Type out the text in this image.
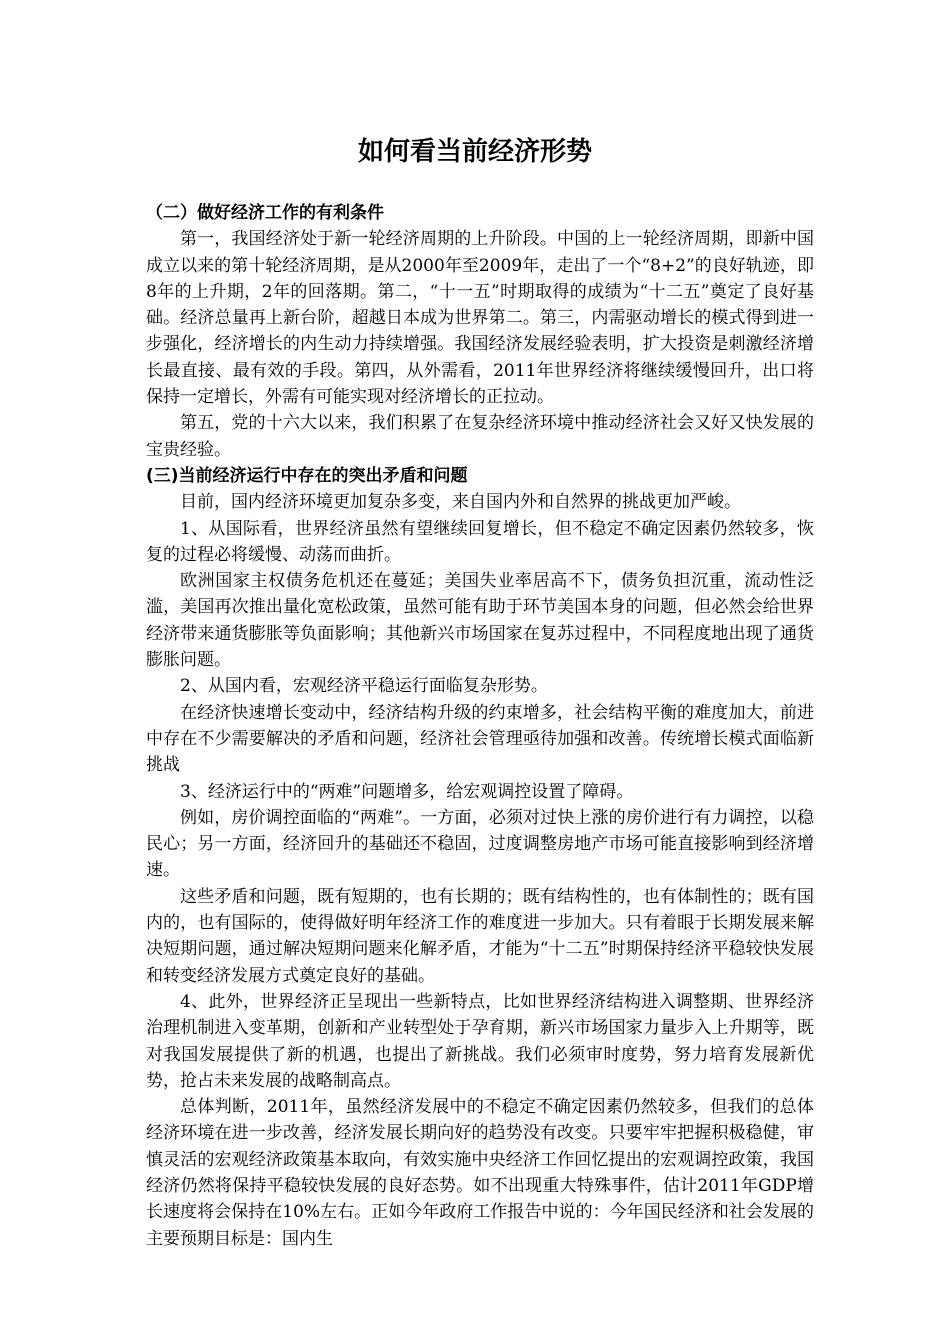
如何看当前经济形势

（二）做好经济工作的有利条件

第一，我国经济处于新一轮经济周期的上升阶段。中国的上一轮经济周期，即新中国成立以来的第十轮经济周期，是从2000年至2009年，走出了一个“8+2”的良好轨迹，即8年的上升期，2年的回落期。第二，“十一五”时期取得的成绩为“十二五”奠定了良好基础。经济总量再上新台阶，超越日本成为世界第二。第三，内需驱动增长的模式得到进一步强化，经济增长的内生动力持续增强。我国经济发展经验表明，扩大投资是刺激经济增长最直接、最有效的手段。第四，从外需看，2011年世界经济将继续缓慢回升，出口将保持一定增长，外需有可能实现对经济增长的正拉动。

第五，党的十六大以来，我们积累了在复杂经济环境中推动经济社会又好又快发展的宝贵经验。

(三)当前经济运行中存在的突出矛盾和问题

目前，国内经济环境更加复杂多变，来自国内外和自然界的挑战更加严峻。

1、从国际看，世界经济虽然有望继续回复增长，但不稳定不确定因素仍然较多，恢复的过程必将缓慢、动荡而曲折。

欧洲国家主权债务危机还在蔓延；美国失业率居高不下，债务负担沉重，流动性泛滥，美国再次推出量化宽松政策，虽然可能有助于环节美国本身的问题，但必然会给世界经济带来通货膨胀等负面影响；其他新兴市场国家在复苏过程中，不同程度地出现了通货膨胀问题。

2、从国内看，宏观经济平稳运行面临复杂形势。

在经济快速增长变动中，经济结构升级的约束增多，社会结构平衡的难度加大，前进中存在不少需要解决的矛盾和问题，经济社会管理亟待加强和改善。传统增长模式面临新挑战

3、经济运行中的“两难”问题增多，给宏观调控设置了障碍。

例如，房价调控面临的“两难”。一方面，必须对过快上涨的房价进行有力调控，以稳民心；另一方面，经济回升的基础还不稳固，过度调整房地产市场可能直接影响到经济增速。

这些矛盾和问题，既有短期的，也有长期的；既有结构性的，也有体制性的；既有国内的，也有国际的，使得做好明年经济工作的难度进一步加大。只有着眼于长期发展来解决短期问题，通过解决短期问题来化解矛盾，才能为“十二五”时期保持经济平稳较快发展和转变经济发展方式奠定良好的基础。

4、此外，世界经济正呈现出一些新特点，比如世界经济结构进入调整期、世界经济治理机制进入变革期，创新和产业转型处于孕育期，新兴市场国家力量步入上升期等，既对我国发展提供了新的机遇，也提出了新挑战。我们必须审时度势，努力培育发展新优势，抢占未来发展的战略制高点。

总体判断，2011年，虽然经济发展中的不稳定不确定因素仍然较多，但我们的总体经济环境在进一步改善，经济发展长期向好的趋势没有改变。只要牢牢把握积极稳健，审慎灵活的宏观经济政策基本取向，有效实施中央经济工作回忆提出的宏观调控政策，我国经济仍然将保持平稳较快发展的良好态势。如不出现重大特殊事件，估计2011年GDP增长速度将会保持在10%左右。正如今年政府工作报告中说的：今年国民经济和社会发展的主要预期目标是：国内生
